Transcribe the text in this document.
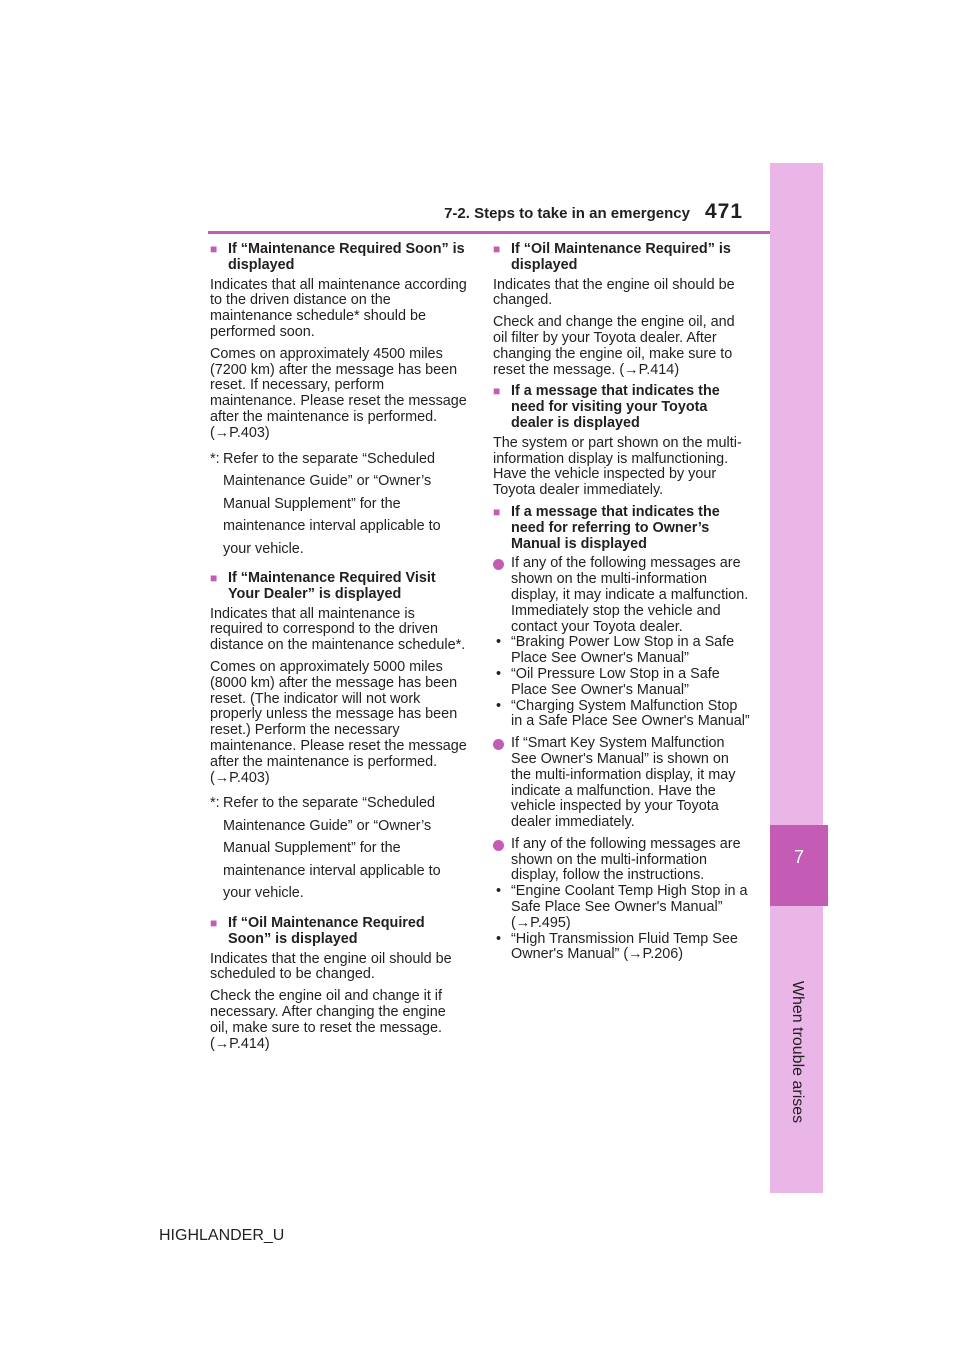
7-2. Steps to take in an emergency 471
7
When trouble arises
■ If “Maintenance Required Soon” is displayed

Indicates that all maintenance according to the driven distance on the maintenance schedule* should be performed soon.

Comes on approximately 4500 miles (7200 km) after the message has been reset. If necessary, perform maintenance. Please reset the message after the maintenance is performed. (→P.403)

*: Refer to the separate “Scheduled Maintenance Guide” or “Owner’s Manual Supplement” for the maintenance interval applicable to your vehicle.
■ If “Maintenance Required Visit Your Dealer” is displayed

Indicates that all maintenance is required to correspond to the driven distance on the maintenance schedule*.

Comes on approximately 5000 miles (8000 km) after the message has been reset. (The indicator will not work properly unless the message has been reset.) Perform the necessary maintenance. Please reset the message after the maintenance is performed. (→P.403)

*: Refer to the separate “Scheduled Maintenance Guide” or “Owner’s Manual Supplement” for the maintenance interval applicable to your vehicle.
■ If “Oil Maintenance Required Soon” is displayed

Indicates that the engine oil should be scheduled to be changed.

Check the engine oil and change it if necessary. After changing the engine oil, make sure to reset the message. (→P.414)

■ If “Oil Maintenance Required” is displayed

Indicates that the engine oil should be changed.

Check and change the engine oil, and oil filter by your Toyota dealer. After changing the engine oil, make sure to reset the message. (→P.414)

■ If a message that indicates the need for visiting your Toyota dealer is displayed

The system or part shown on the multi-information display is malfunctioning. Have the vehicle inspected by your Toyota dealer immediately.

■ If a message that indicates the need for referring to Owner’s Manual is displayed
If any of the following messages are shown on the multi-information display, it may indicate a malfunction. Immediately stop the vehicle and contact your Toyota dealer.
• “Braking Power Low Stop in a Safe Place See Owner's Manual”
• “Oil Pressure Low Stop in a Safe Place See Owner's Manual”
• “Charging System Malfunction Stop in a Safe Place See Owner's Manual”
If “Smart Key System Malfunction See Owner's Manual” is shown on the multi-information display, it may indicate a malfunction. Have the vehicle inspected by your Toyota dealer immediately.
If any of the following messages are shown on the multi-information display, follow the instructions.
• “Engine Coolant Temp High Stop in a Safe Place See Owner's Manual” (→P.495)
• “High Transmission Fluid Temp See Owner's Manual” (→P.206)
HIGHLANDER_U
